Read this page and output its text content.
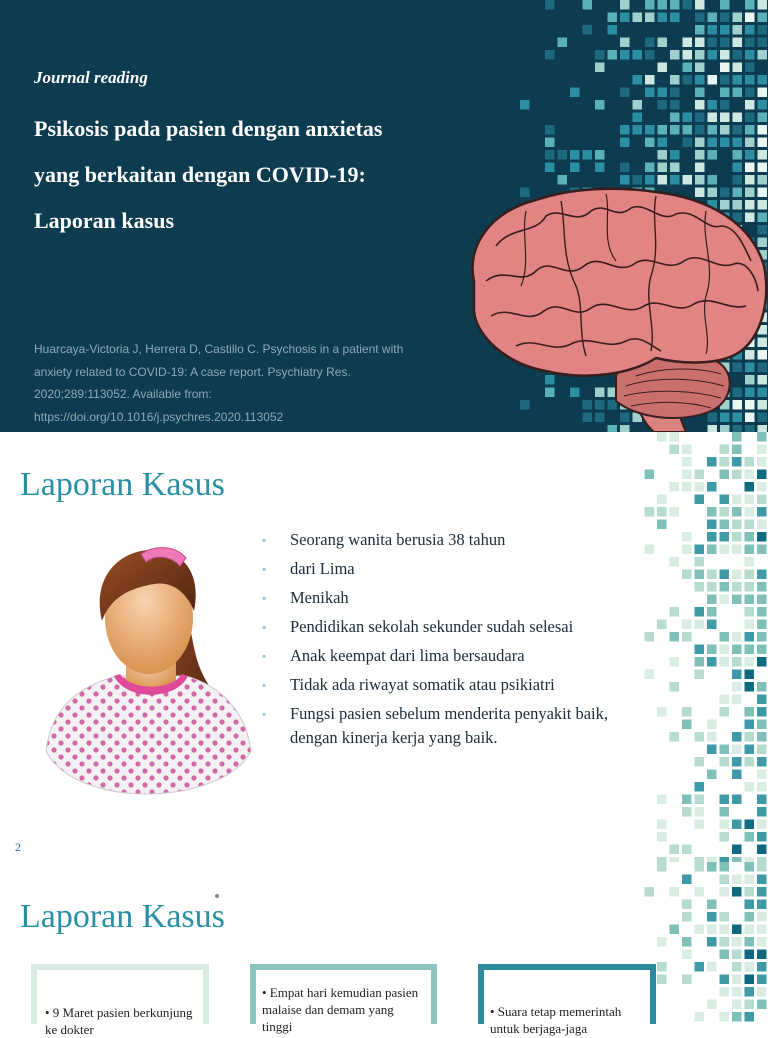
Journal reading
Psikosis pada pasien dengan anxietas
yang berkaitan dengan COVID-19:
Laporan kasus
Huarcaya-Victoria J, Herrera D, Castillo C. Psychosis in a patient with
anxiety related to COVID-19: A case report. Psychiatry Res.
2020;289:113052. Available from:
https://doi.org/10.1016/j.psychres.2020.113052
Laporan Kasus
▪ Seorang wanita berusia 38 tahun
▪ dari Lima
▪ Menikah
▪ Pendidikan sekolah sekunder sudah selesai
▪ Anak keempat dari lima bersaudara
▪ Tidak ada riwayat somatik atau psikiatri
▪ Fungsi pasien sebelum menderita penyakit baik, dengan kinerja kerja yang baik.
2
Laporan Kasus
• 9 Maret pasien berkunjung ke dokter
• Empat hari kemudian pasien malaise dan demam yang tinggi
• Suara tetap memerintah untuk berjaga-jaga
